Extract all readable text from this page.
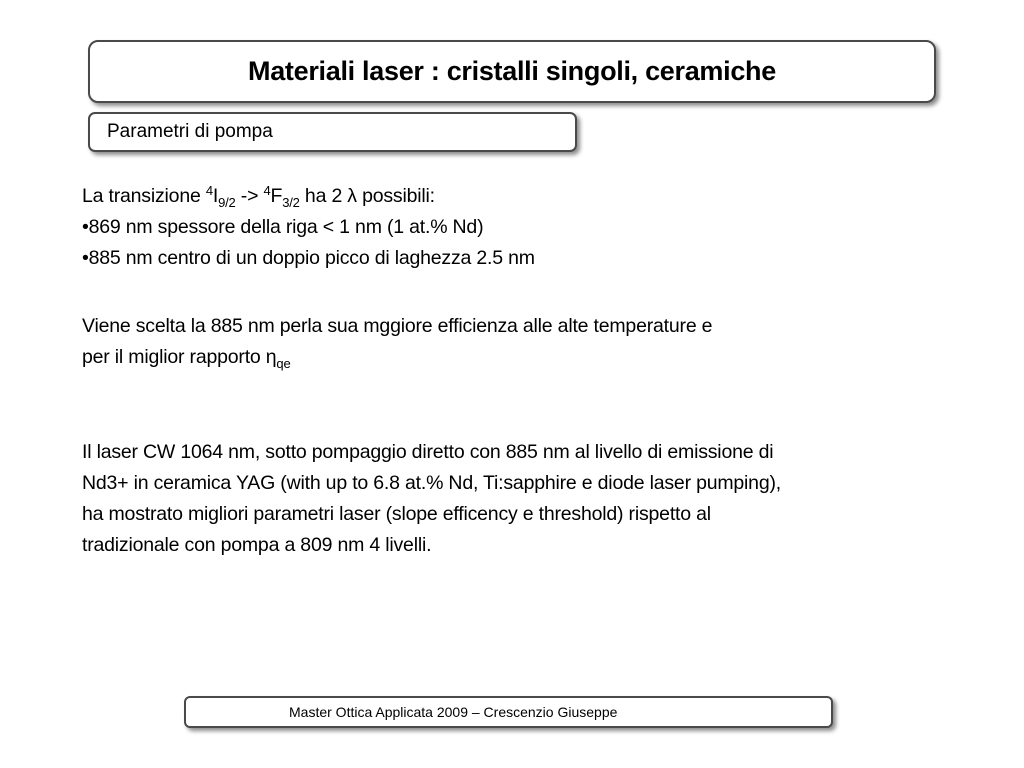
Materiali laser : cristalli singoli, ceramiche
Parametri di pompa
La transizione $^4I_{9/2} -> ^4F_{3/2}$ ha 2 λ possibili:
•869 nm spessore della riga < 1 nm (1 at.% Nd)
•885 nm centro di un doppio picco di laghezza 2.5 nm
Viene scelta la 885 nm perla sua mggiore efficienza alle alte temperature e
per il miglior rapporto $\eta_{qe}$
Il laser CW 1064 nm, sotto pompaggio diretto con 885 nm al livello di emissione di
Nd3+ in ceramica YAG (with up to 6.8 at.% Nd, Ti:sapphire e diode laser pumping),
ha mostrato migliori parametri laser (slope efficency e threshold) rispetto al
tradizionale con pompa a 809 nm 4 livelli.
Master Ottica Applicata 2009 – Crescenzio Giuseppe
